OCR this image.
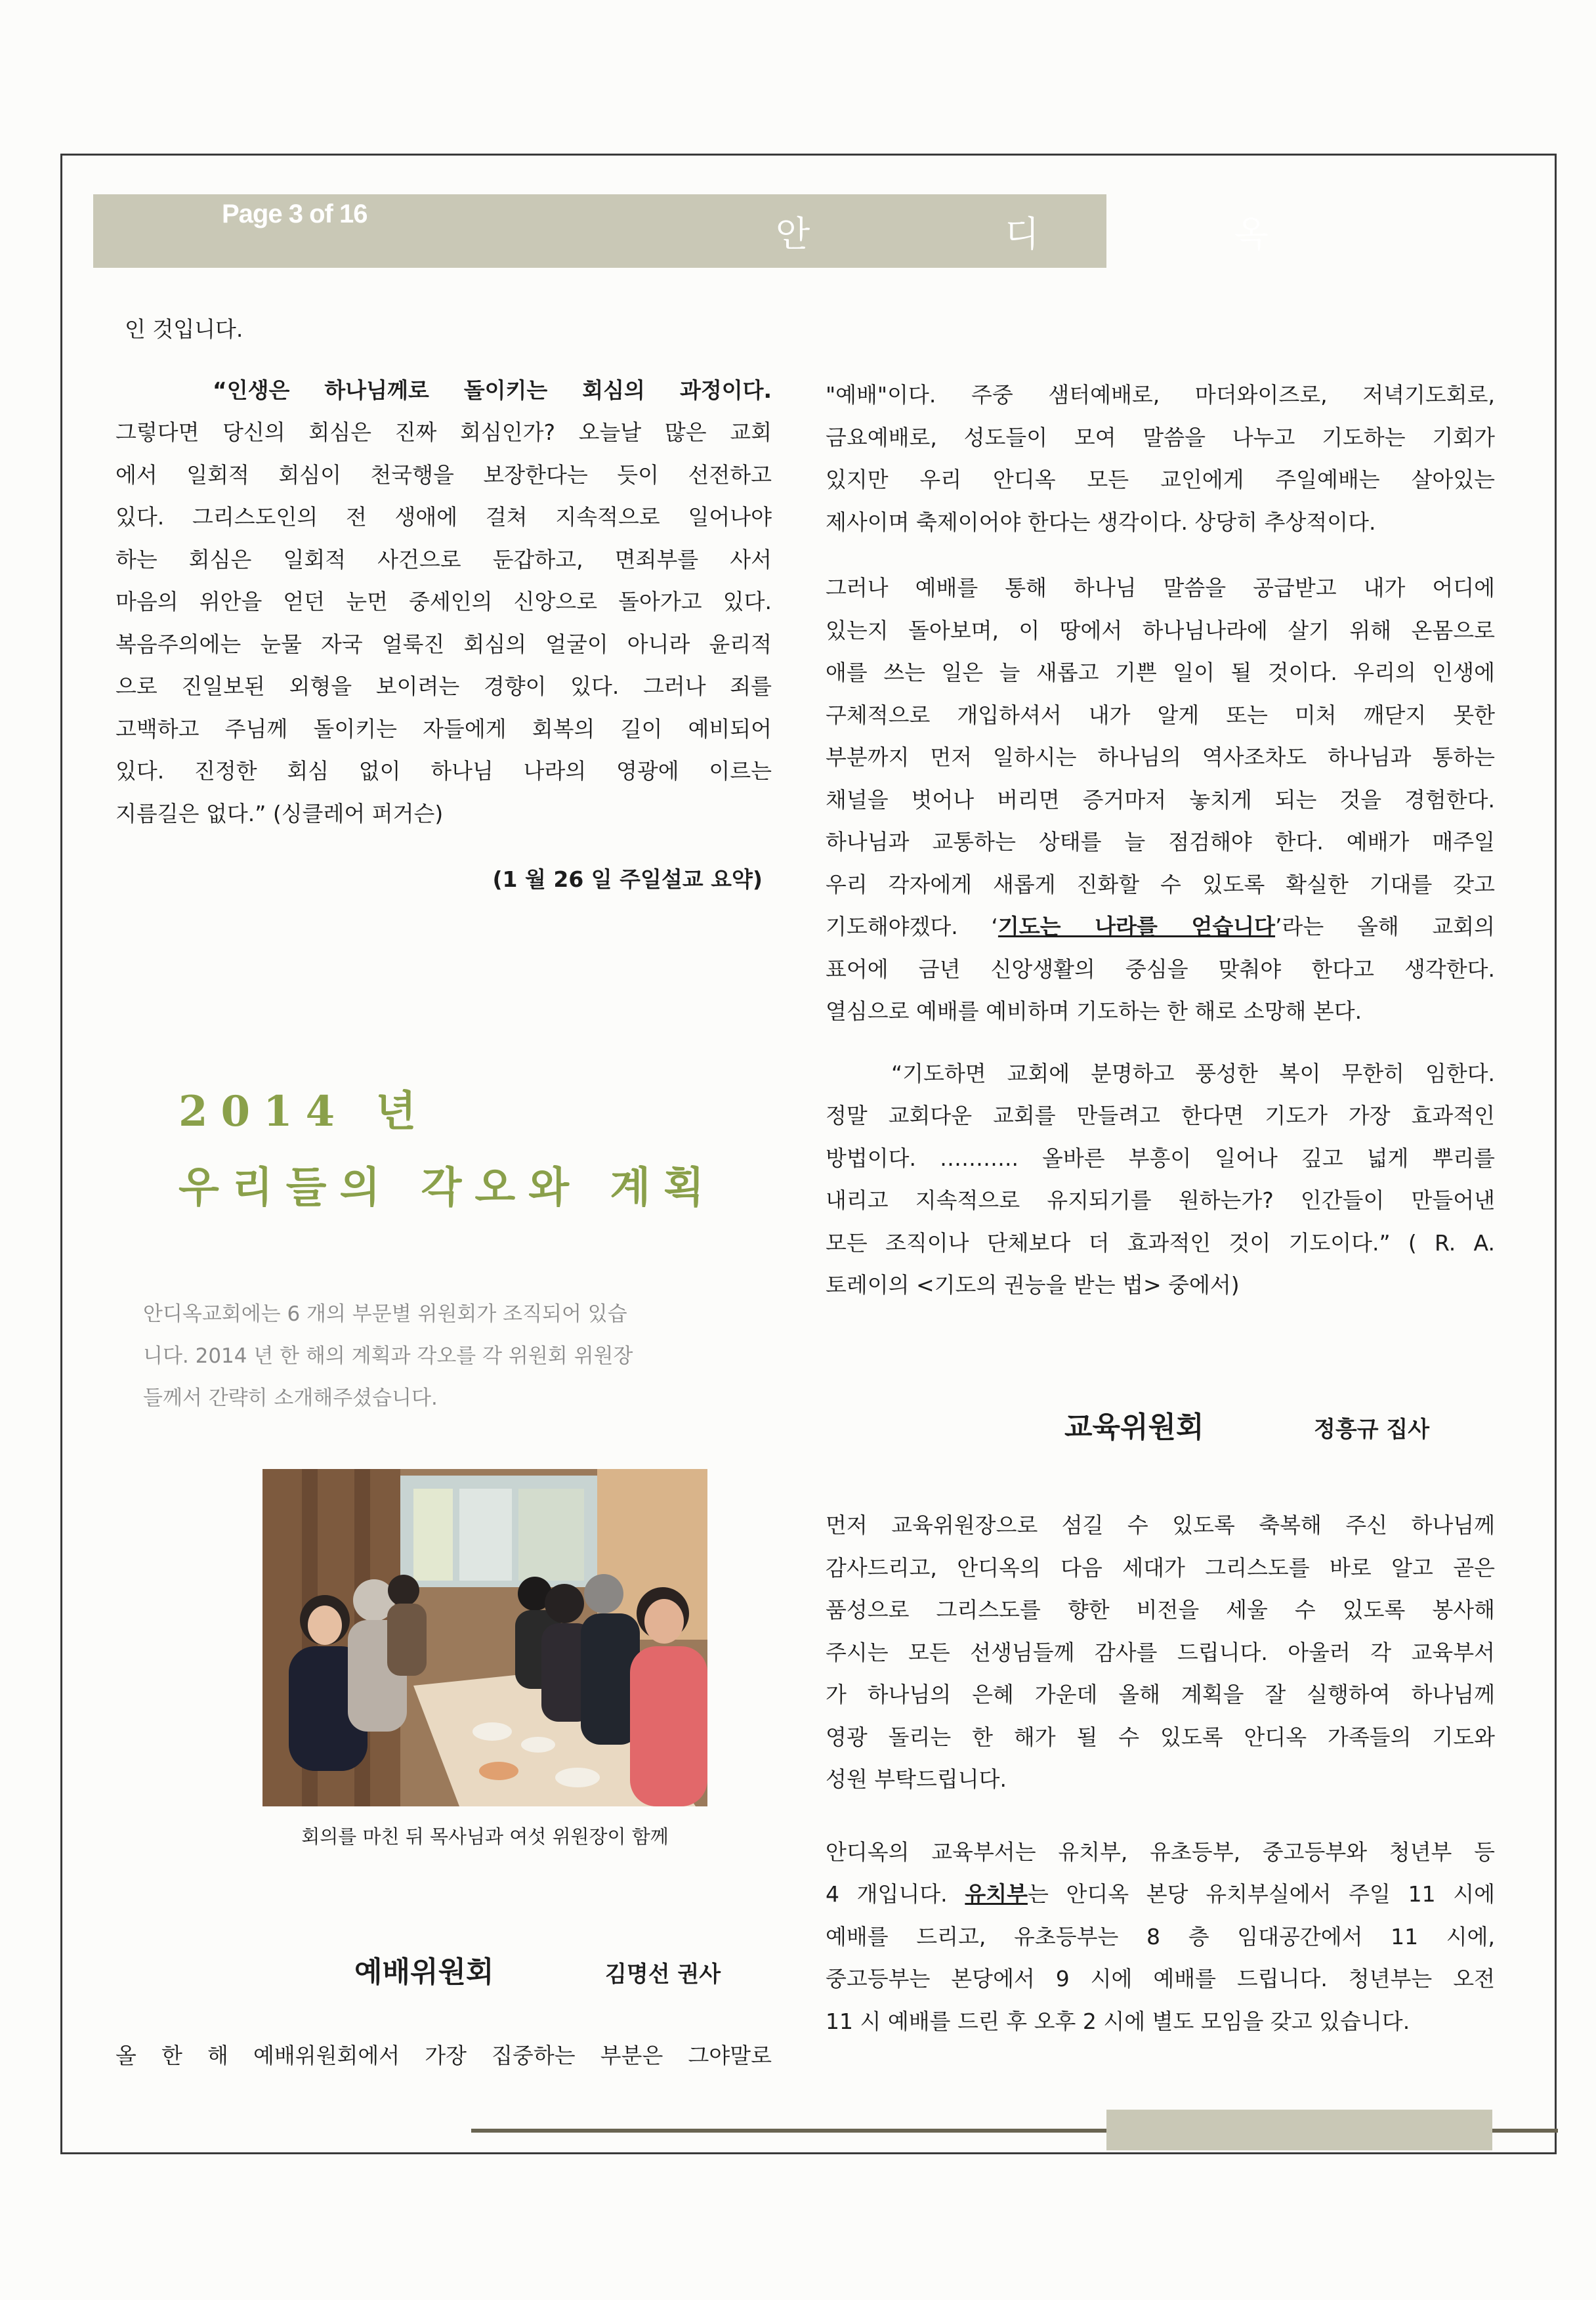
Page 3 of 16	안 디 옥

인 것입니다.

“인생은 하나님께로 돌이키는 회심의 과정이다.

그렇다면 당신의 회심은 진짜 회심인가? 오늘날 많은 교회

에서 일회적 회심이 천국행을 보장한다는 듯이 선전하고

있다. 그리스도인의 전 생애에 걸쳐 지속적으로 일어나야

하는 회심은 일회적 사건으로 둔갑하고, 면죄부를 사서

마음의 위안을 얻던 눈먼 중세인의 신앙으로 돌아가고 있다.

복음주의에는 눈물 자국 얼룩진 회심의 얼굴이 아니라 윤리적

으로 진일보된 외형을 보이려는 경향이 있다. 그러나 죄를

고백하고 주님께 돌이키는 자들에게 회복의 길이 예비되어

있다. 진정한 회심 없이 하나님 나라의 영광에 이르는

지름길은 없다.” (싱클레어 퍼거슨)

(1 월 26 일 주일설교 요약)

2014 년
우리들의 각오와 계획
안디옥교회에는 6 개의 부문별 위원회가 조직되어 있습
니다. 2014 년 한 해의 계획과 각오를 각 위원회 위원장
들께서 간략히 소개해주셨습니다.
회의를 마친 뒤 목사님과 여섯 위원장이 함께
예배위원회	김명선 권사

올 한 해 예배위원회에서 가장 집중하는 부분은 그야말로

"예배"이다. 주중 샘터예배로, 마더와이즈로, 저녁기도회로,

금요예배로, 성도들이 모여 말씀을 나누고 기도하는 기회가

있지만 우리 안디옥 모든 교인에게 주일예배는 살아있는

제사이며 축제이어야 한다는 생각이다. 상당히 추상적이다.

그러나 예배를 통해 하나님 말씀을 공급받고 내가 어디에

있는지 돌아보며, 이 땅에서 하나님나라에 살기 위해 온몸으로

애를 쓰는 일은 늘 새롭고 기쁜 일이 될 것이다. 우리의 인생에

구체적으로 개입하셔서 내가 알게 또는 미처 깨닫지 못한

부분까지 먼저 일하시는 하나님의 역사조차도 하나님과 통하는

채널을 벗어나 버리면 증거마저 놓치게 되는 것을 경험한다.

하나님과 교통하는 상태를 늘 점검해야 한다. 예배가 매주일

우리 각자에게 새롭게 진화할 수 있도록 확실한 기대를 갖고

기도해야겠다. ‘기도는 나라를 얻습니다’라는 올해 교회의

표어에 금년 신앙생활의 중심을 맞춰야 한다고 생각한다.

열심으로 예배를 예비하며 기도하는 한 해로 소망해 본다.

“기도하면 교회에 분명하고 풍성한 복이 무한히 임한다.

정말 교회다운 교회를 만들려고 한다면 기도가 가장 효과적인

방법이다. ……….. 올바른 부흥이 일어나 깊고 넓게 뿌리를

내리고 지속적으로 유지되기를 원하는가? 인간들이 만들어낸

모든 조직이나 단체보다 더 효과적인 것이 기도이다.” ( R. A.

토레이의 <기도의 권능을 받는 법> 중에서)

교육위원회	정흥규 집사

먼저 교육위원장으로 섬길 수 있도록 축복해 주신 하나님께

감사드리고, 안디옥의 다음 세대가 그리스도를 바로 알고 곧은

품성으로 그리스도를 향한 비전을 세울 수 있도록 봉사해

주시는 모든 선생님들께 감사를 드립니다. 아울러 각 교육부서

가 하나님의 은혜 가운데 올해 계획을 잘 실행하여 하나님께

영광 돌리는 한 해가 될 수 있도록 안디옥 가족들의 기도와

성원 부탁드립니다.

안디옥의 교육부서는 유치부, 유초등부, 중고등부와 청년부 등

4 개입니다. 유치부는 안디옥 본당 유치부실에서 주일 11 시에

예배를 드리고, 유초등부는 8 층 임대공간에서 11 시에,

중고등부는 본당에서 9 시에 예배를 드립니다. 청년부는 오전

11 시 예배를 드린 후 오후 2 시에 별도 모임을 갖고 있습니다.
